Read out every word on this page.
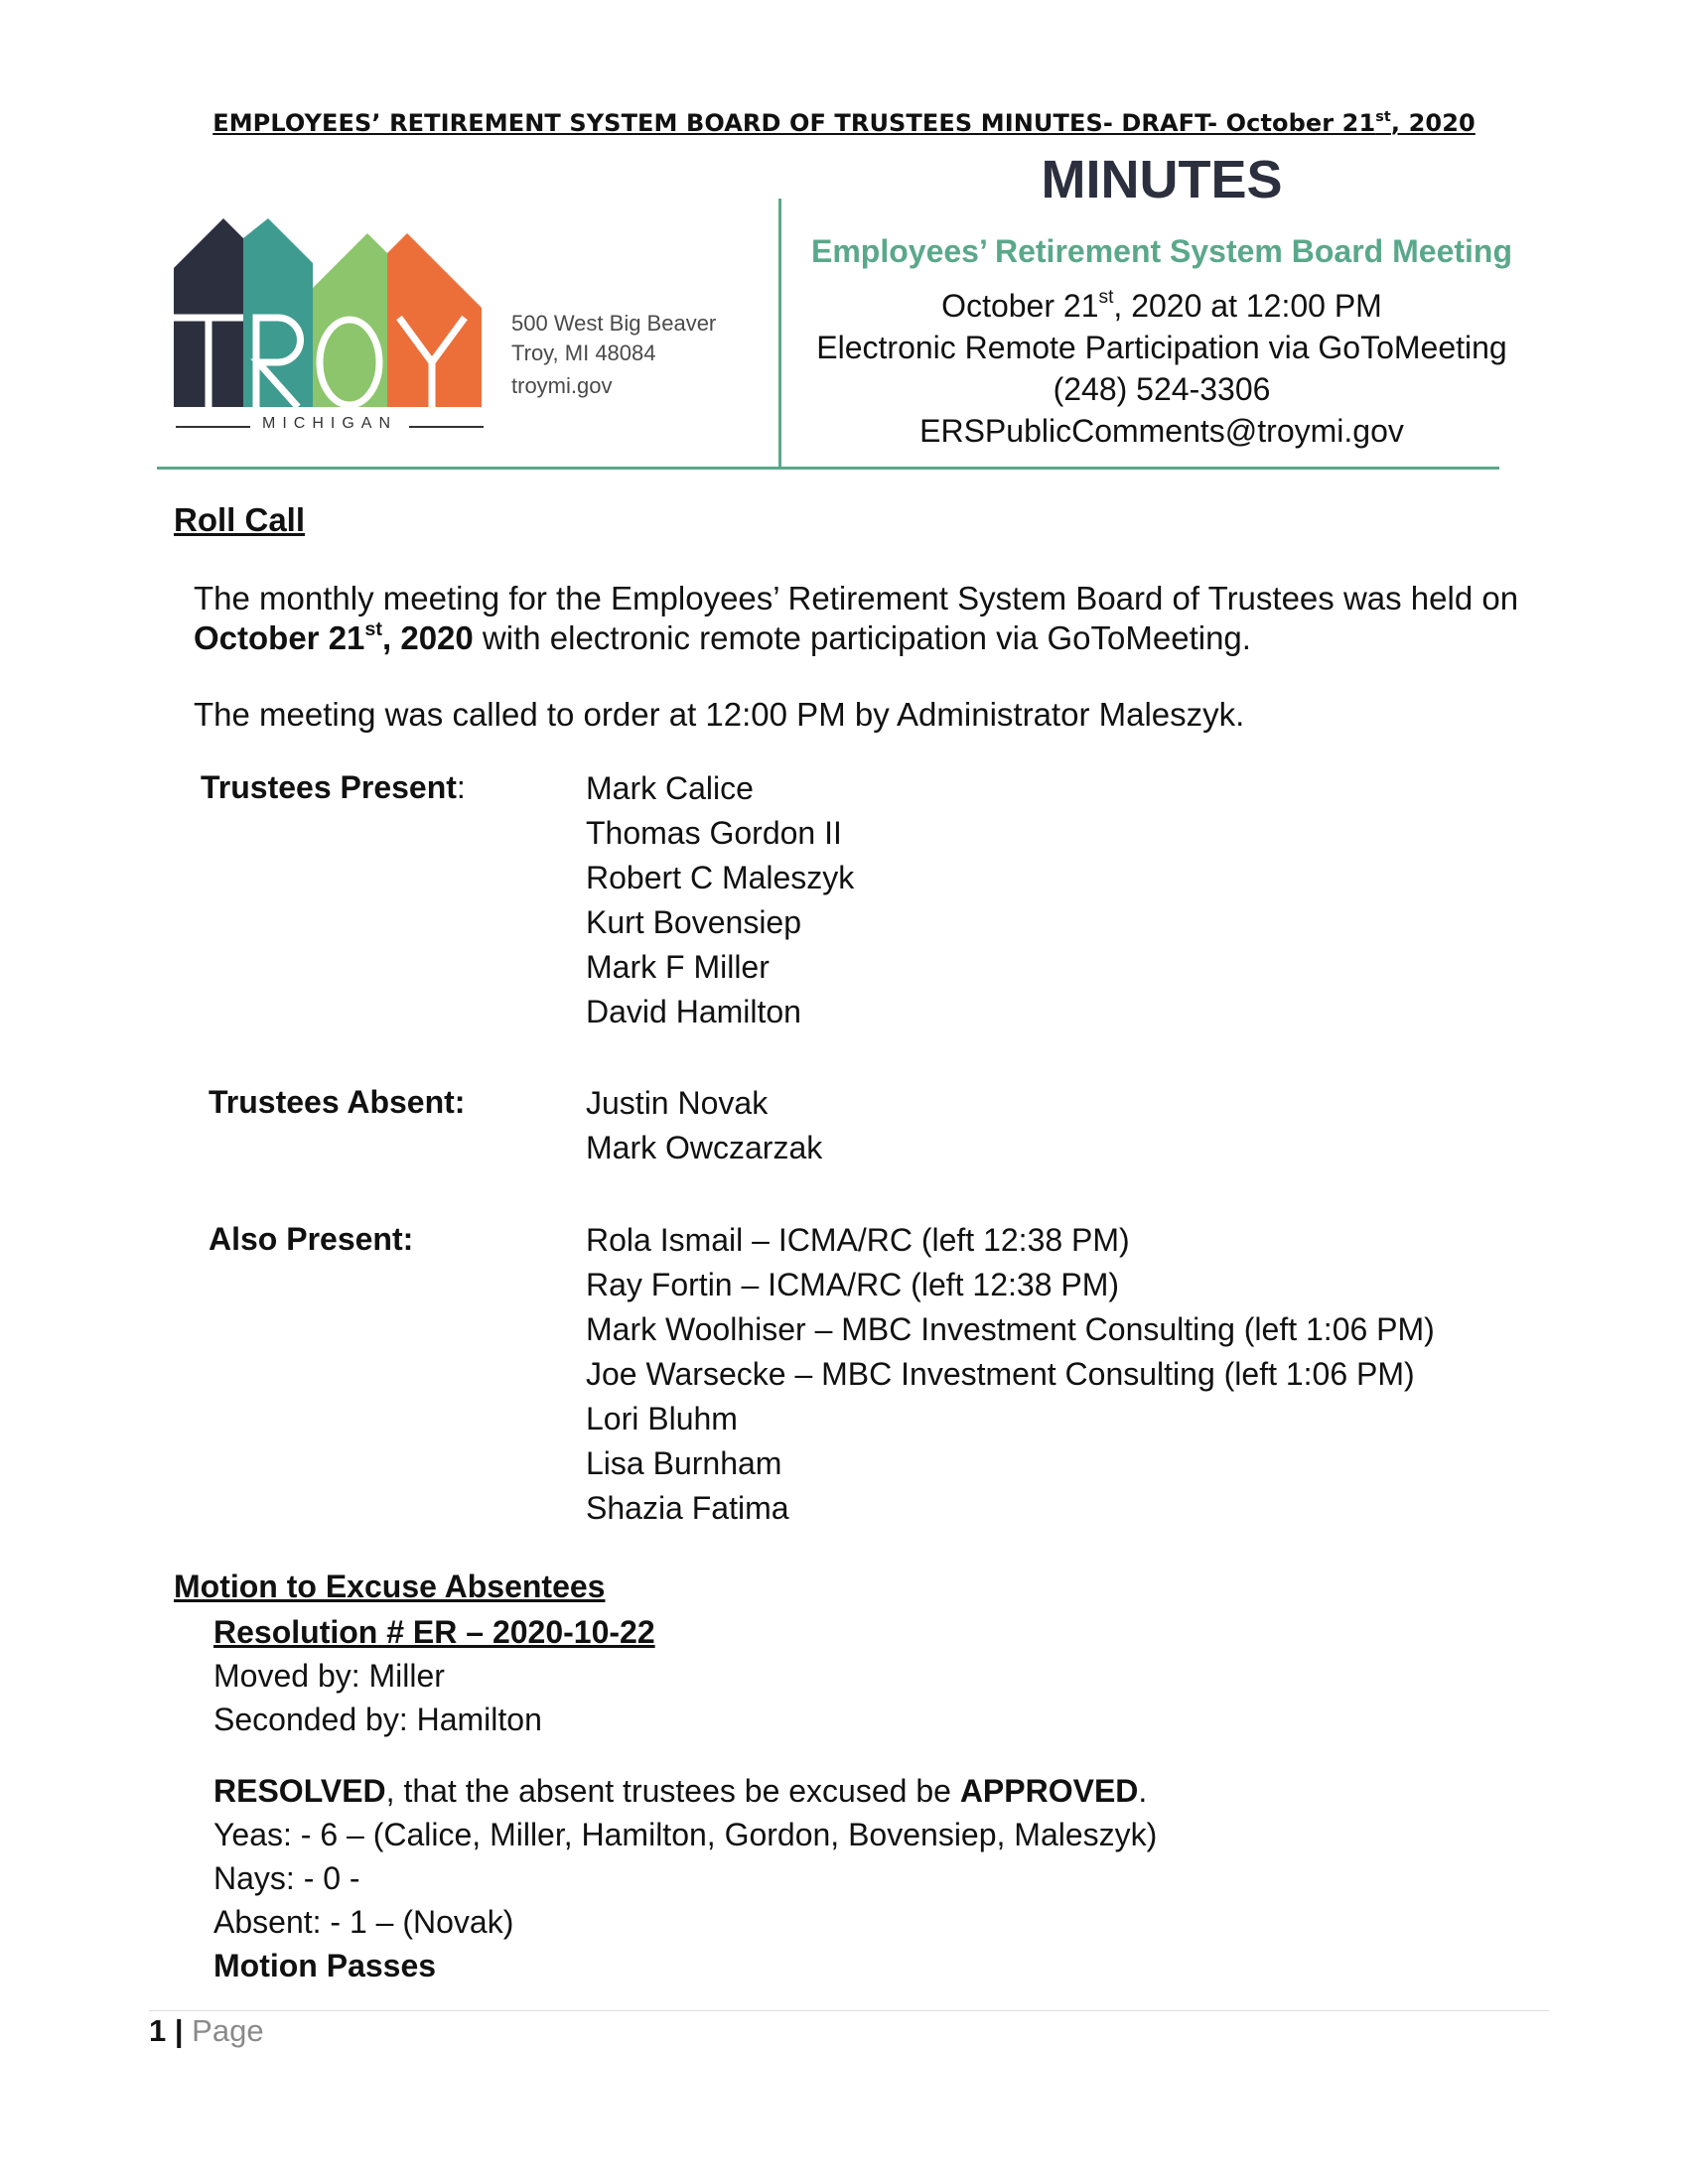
EMPLOYEES’ RETIREMENT SYSTEM BOARD OF TRUSTEES MINUTES- DRAFT- October 21st, 2020
MICHIGAN
500 West Big Beaver
Troy, MI 48084
troymi.gov
MINUTES
Employees’ Retirement System Board Meeting
October 21st, 2020 at 12:00 PM
Electronic Remote Participation via GoToMeeting
(248) 524-3306
ERSPublicComments@troymi.gov
Roll Call
The monthly meeting for the Employees’ Retirement System Board of Trustees was held on October 21st, 2020 with electronic remote participation via GoToMeeting.
The meeting was called to order at 12:00 PM by Administrator Maleszyk.
Trustees Present:	Mark Calice
Thomas Gordon II
Robert C Maleszyk
Kurt Bovensiep
Mark F Miller
David Hamilton
Trustees Absent:	Justin Novak
Mark Owczarzak
Also Present:	Rola Ismail – ICMA/RC (left 12:38 PM)
Ray Fortin – ICMA/RC (left 12:38 PM)
Mark Woolhiser – MBC Investment Consulting (left 1:06 PM)
Joe Warsecke – MBC Investment Consulting (left 1:06 PM)
Lori Bluhm
Lisa Burnham
Shazia Fatima
Motion to Excuse Absentees
Resolution # ER – 2020-10-22
Moved by: Miller
Seconded by: Hamilton
RESOLVED, that the absent trustees be excused be APPROVED.
Yeas: - 6 – (Calice, Miller, Hamilton, Gordon, Bovensiep, Maleszyk)
Nays: - 0 -
Absent: - 1 – (Novak)
Motion Passes
1 | Page
